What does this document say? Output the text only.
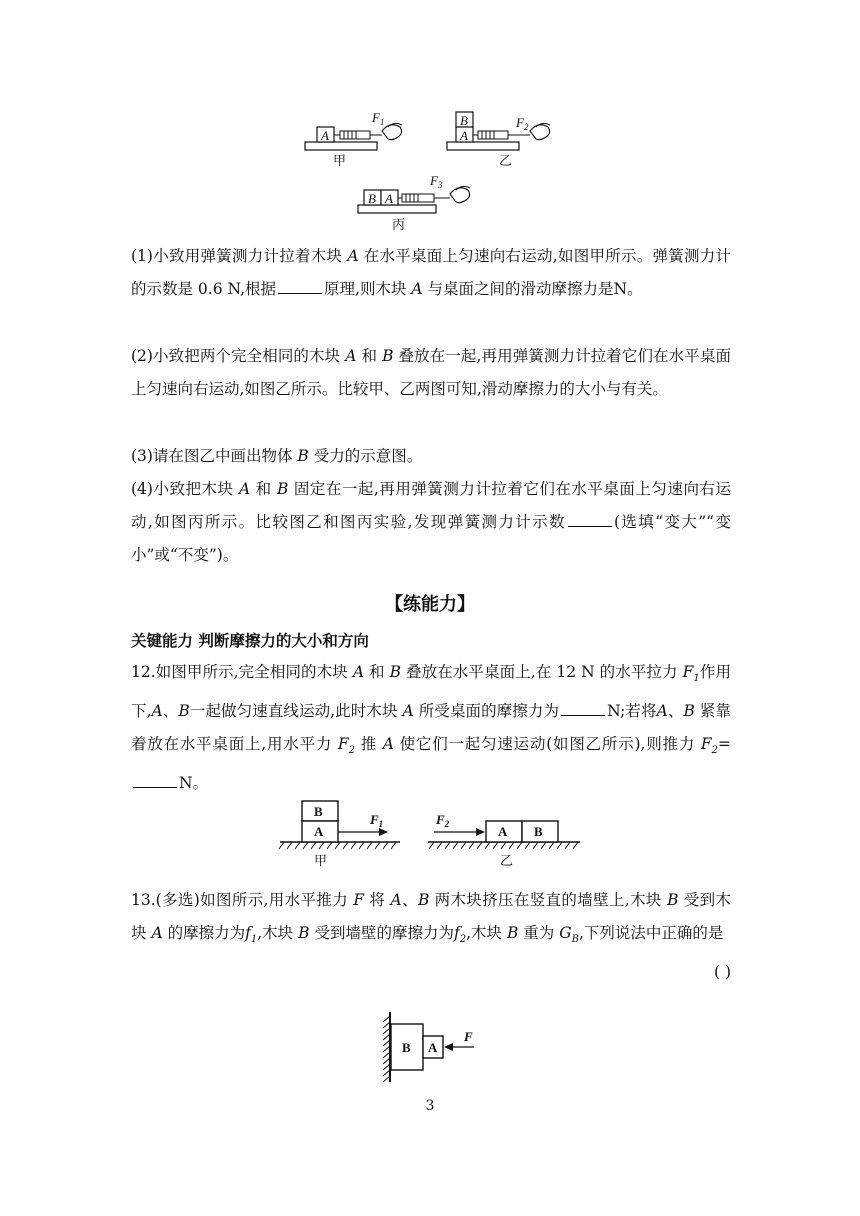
A
$F_1$
甲
B
A
$F_2$
乙
B A
$F_3$
丙

(1)小致用弹簧测力计拉着木块 A 在水平桌面上匀速向右运动,如图甲所示。弹簧测力计的示数是 0.6 N,根据	原理,则木块 A 与桌面之间的滑动摩擦力是N。

(2)小致把两个完全相同的木块 A 和 B 叠放在一起,再用弹簧测力计拉着它们在水平桌面上匀速向右运动,如图乙所示。比较甲、乙两图可知,滑动摩擦力的大小与有关。

(3)请在图乙中画出物体 B 受力的示意图。

(4)小致把木块 A 和 B 固定在一起,再用弹簧测力计拉着它们在水平桌面上匀速向右运动,如图丙所示。比较图乙和图丙实验,发现弹簧测力计示数	(选填“变大”“变小”或“不变”)。

【练能力】
关键能力 判断摩擦力的大小和方向

12.如图甲所示,完全相同的木块 A 和 B 叠放在水平桌面上,在 12 N 的水平拉力 $F_1$作用下,A、B一起做匀速直线运动,此时木块 A 所受桌面的摩擦力为	N;若将A、B 紧靠着放在水平桌面上,用水平力 $F_2$ 推 A 使它们一起匀速运动(如图乙所示),则推力 $F_2=N$。

B
A
$F_1$
甲
A B
$F_2$
乙

13.(多选)如图所示,用水平推力 F 将 A、B 两木块挤压在竖直的墙壁上,木块 B 受到木块 A 的摩擦力为$f_1$,木块 B 受到墙壁的摩擦力为$f_2$,木块 B 重为 $G_B$,下列说法中正确的是
( )

B A
F
3
